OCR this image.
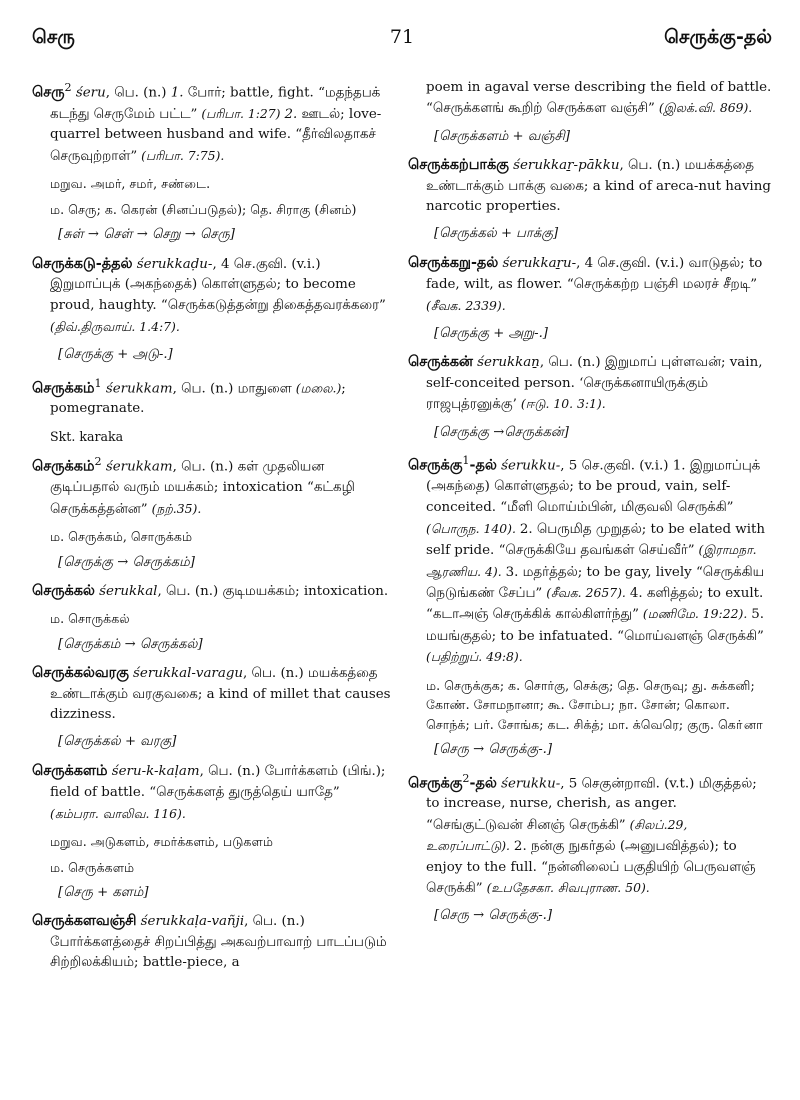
செரு	71	செருக்கு-தல்
செரு$^2$ śeru, பெ. (n.) 1. போர்; battle, fight. “மதந்தபக் கடந்து செருமேம் பட்ட” (பரிபா. 1:27) 2. ஊடல்; love-quarrel between husband and wife. “தீர்விலதாகச் செருவுற்றாள்” (பரிபா. 7:75).
மறுவ. அமர், சமர், சண்டை.
ம. செரு; க. கெரன் (சினப்படுதல்); தெ. சிராகு (சினம்)
[சுள் → செள் → செறு → செரு]
செருக்கடு-த்தல் śerukkaḍu-, 4 செ.குவி. (v.i.) இறுமாப்புக் (அகந்தைக்) கொள்ளுதல்; to become proud, haughty. “செருக்கடுத்தன்று திகைத்தவரக்கரை” (திவ்.திருவாய். 1.4:7).
[செருக்கு + அடு-.]
செருக்கம்$^1$ śerukkam, பெ. (n.) மாதுளை (மலை.); pomegranate.
Skt. karaka
செருக்கம்$^2$ śerukkam, பெ. (n.) கள் முதலியன குடிப்பதால் வரும் மயக்கம்; intoxication “கட்கழி செருக்கத்தன்ன” (நற்.35).
ம. செருக்கம், சொருக்கம்
[செருக்கு → செருக்கம்]
செருக்கல் śerukkal, பெ. (n.) குடிமயக்கம்; intoxication.
ம. சொருக்கல்
[செருக்கம் → செருக்கல்]
செருக்கல்வரகு śerukkal-varagu, பெ. (n.) மயக்கத்தை உண்டாக்கும் வரகுவகை; a kind of millet that causes dizziness.
[செருக்கல் + வரகு]
செருக்களம் śeru-k-kaḷam, பெ. (n.) போர்க்களம் (பிங்.); field of battle. “செருக்களத் துருத்தெய் யாதே” (கம்பரா. வாலிவ. 116).
மறுவ. அடுகளம், சமர்க்களம், படுகளம்
ம. செருக்களம்
[செரு + களம்]
செருக்களவஞ்சி śerukkaḷa-vañji, பெ. (n.) போர்க்களத்தைச் சிறப்பித்து அகவற்பாவாற் பாடப்படும் சிற்றிலக்கியம்; battle-piece, a
poem in agaval verse describing the field of battle. “செருக்களங் கூறிற் செருக்கள வஞ்சி” (இலக்.வி. 869).
[செருக்களம் + வஞ்சி]
செருக்கற்பாக்கு śerukkaṟ-pākku, பெ. (n.) மயக்கத்தை உண்டாக்கும் பாக்கு வகை; a kind of areca-nut having narcotic properties.
[செருக்கல் + பாக்கு]
செருக்கறு-தல் śerukkaṟu-, 4 செ.குவி. (v.i.) வாடுதல்; to fade, wilt, as flower. “செருக்கற்ற பஞ்சி மலரச் சீறடி” (சீவக. 2339).
[செருக்கு + அறு-.]
செருக்கன் śerukkaṉ, பெ. (n.) இறுமாப் புள்ளவன்; vain, self-conceited person. ‘செருக்கனாயிருக்கும் ராஜபுத்ரனுக்கு’ (ஈடு. 10. 3:1).
[செருக்கு →செருக்கன்]
செருக்கு$^1$-தல் śerukku-, 5 செ.குவி. (v.i.) 1. இறுமாப்புக் (அகந்தை) கொள்ளுதல்; to be proud, vain, self-conceited. “மீளி மொய்ம்பின், மிகுவலி செருக்கி” (பொருந. 140). 2. பெருமித முறுதல்; to be elated with self pride. “செருக்கியே தவங்கள் செய்வீர்” (இராமநா. ஆரணிய. 4). 3. மதர்த்தல்; to be gay, lively “செருக்கிய நெடுங்கண் சேப்ப” (சீவக. 2657). 4. களித்தல்; to exult. “கடாஅஞ் செருக்கிக் கால்கிளர்ந்து” (மணிமே. 19:22). 5. மயங்குதல்; to be infatuated. “மொய்வளஞ் செருக்கி” (பதிற்றுப். 49:8).
ம. செருக்குக; க. சொர்கு, செக்கு; தெ. செருவு; து. சுக்கனி; கோண். சோமநானா; கூ. சோம்ப; நா. சோன்; கொலா. சொந்க்; பர். சோங்க; கட. சிக்த்; மா. க்வெரெ; குரு. கொ்னா
[செரு → செருக்கு-.]
செருக்கு$^2$-தல் śerukku-, 5 செகுன்றாவி. (v.t.) மிகுத்தல்; to increase, nurse, cherish, as anger. “செங்குட்டுவன் சினஞ் செருக்கி” (சிலப்.29, உரைப்பாட்டு). 2. நன்கு நுகர்தல் (அனுபவித்தல்); to enjoy to the full. “நன்னிலைப் பகுதியிற் பெருவளஞ் செருக்கி” (உபதேசகா. சிவபுராண. 50).
[செரு → செருக்கு-.]
